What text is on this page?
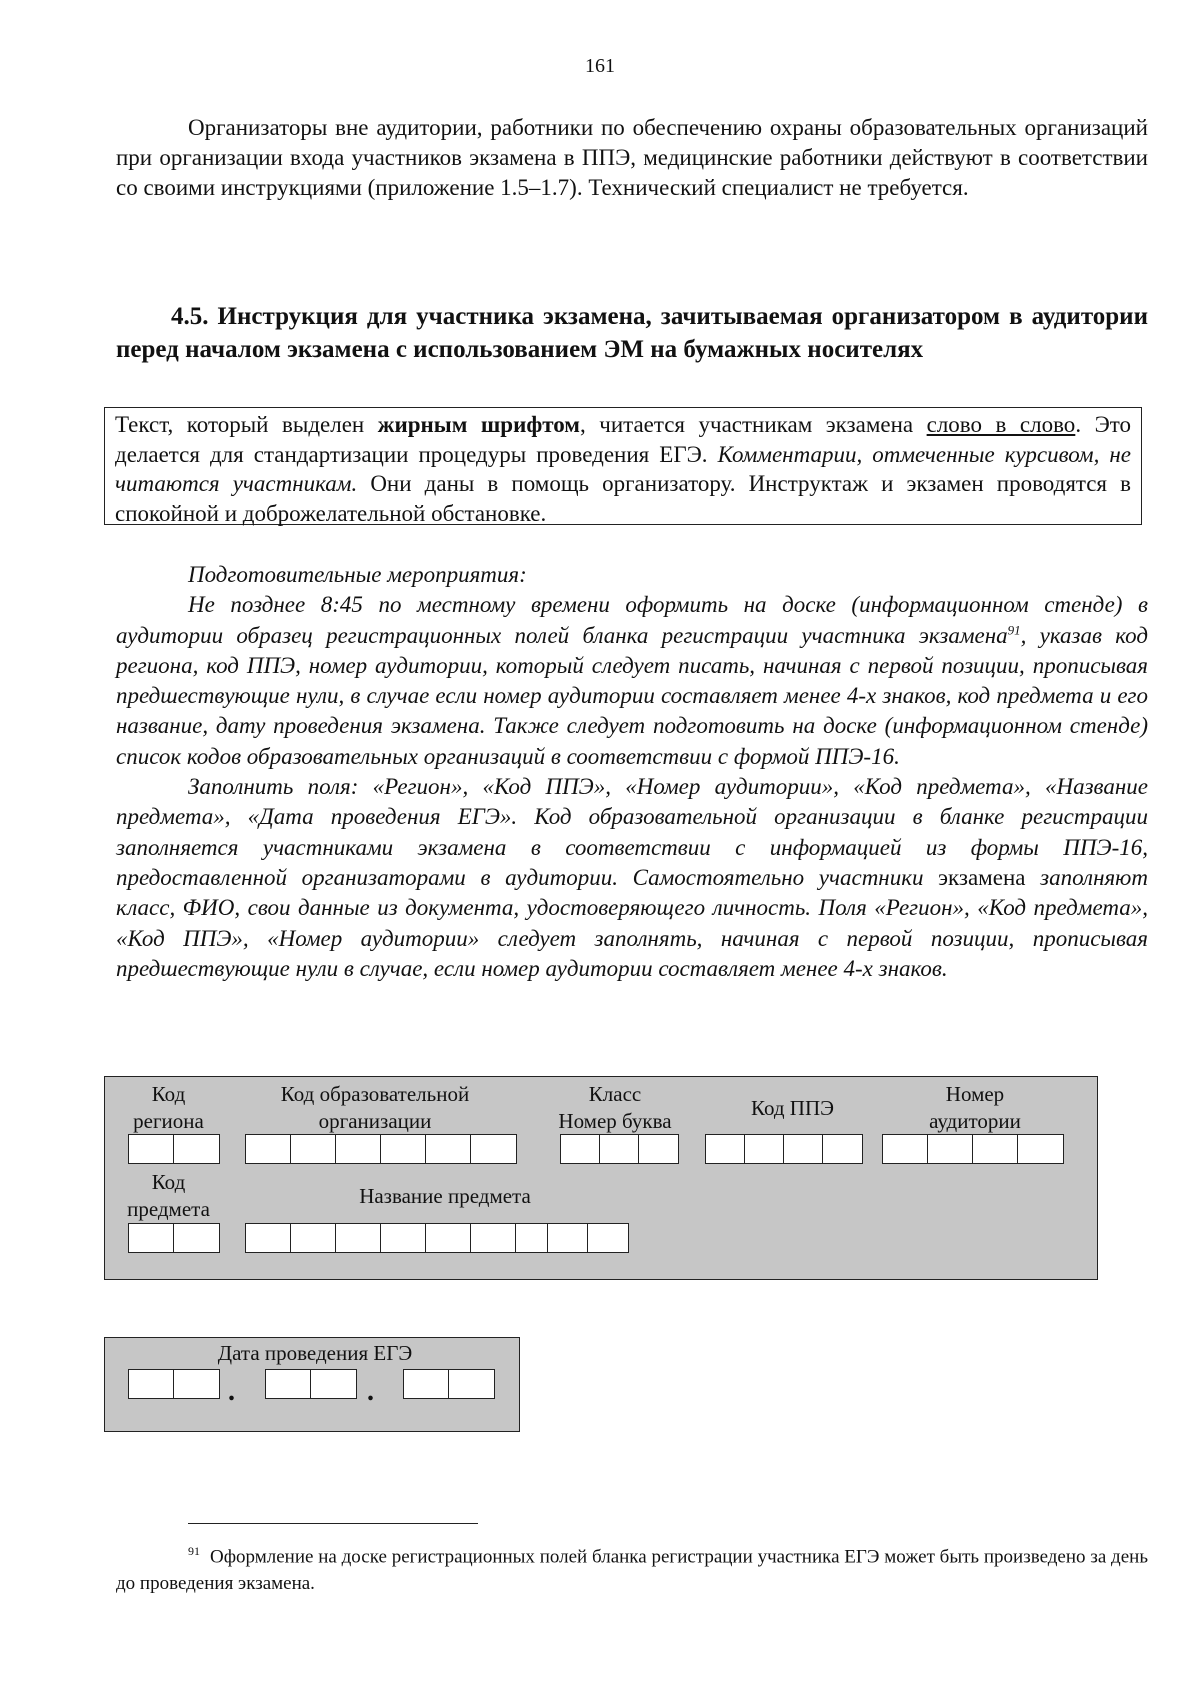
161
Организаторы вне аудитории, работники по обеспечению охраны образовательных организаций при организации входа участников экзамена в ППЭ, медицинские работники действуют в соответствии со своими инструкциями (приложение 1.5–1.7). Технический специалист не требуется.
4.5. Инструкция для участника экзамена, зачитываемая организатором в аудитории перед началом экзамена с использованием ЭМ на бумажных носителях
Текст, который выделен жирным шрифтом, читается участникам экзамена слово в слово. Это делается для стандартизации процедуры проведения ЕГЭ. Комментарии, отмеченные курсивом, не читаются участникам. Они даны в помощь организатору. Инструктаж и экзамен проводятся в спокойной и доброжелательной обстановке.

Подготовительные мероприятия:

Не позднее 8:45 по местному времени оформить на доске (информационном стенде) в аудитории образец регистрационных полей бланка регистрации участника экзамена$^{91}$, указав код региона, код ППЭ, номер аудитории, который следует писать, начиная с первой позиции, прописывая предшествующие нули, в случае если номер аудитории составляет менее 4-х знаков, код предмета и его название, дату проведения экзамена. Также следует подготовить на доске (информационном стенде) список кодов образовательных организаций в соответствии с формой ППЭ-16.

Заполнить поля: «Регион», «Код ППЭ», «Номер аудитории», «Код предмета», «Название предмета», «Дата проведения ЕГЭ». Код образовательной организации в бланке регистрации заполняется участниками экзамена в соответствии с информацией из формы ППЭ-16, предоставленной организаторами в аудитории. Самостоятельно участники экзамена заполняют класс, ФИО, свои данные из документа, удостоверяющего личность. Поля «Регион», «Код предмета», «Код ППЭ», «Номер аудитории» следует заполнять, начиная с первой позиции, прописывая предшествующие нули в случае, если номер аудитории составляет менее 4-х знаков.

Код
региона
Код образовательной
организации
Класс
Номер буква
Код ППЭ
Номер
аудитории
Код
предмета
Название предмета
Дата проведения ЕГЭ
.	.
$^{91}$ Оформление на доске регистрационных полей бланка регистрации участника ЕГЭ может быть произведено за день до проведения экзамена.
